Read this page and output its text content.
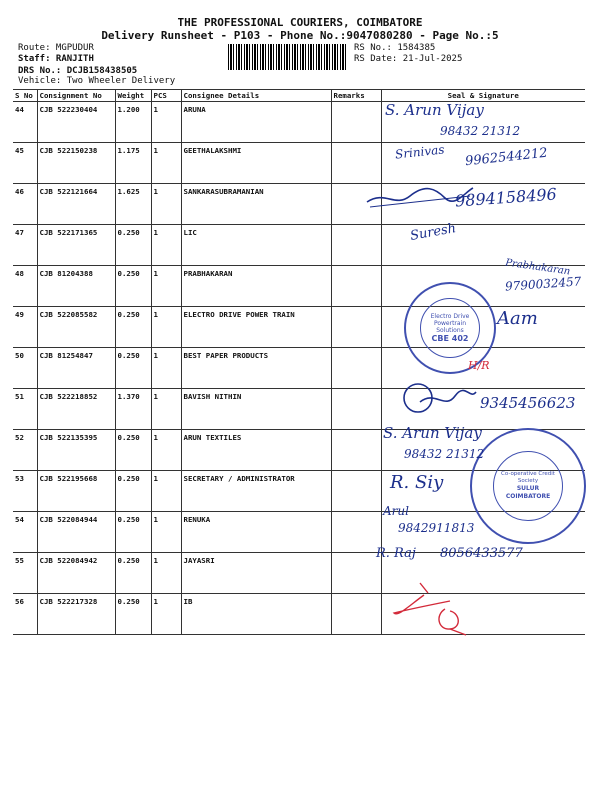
THE PROFESSIONAL COURIERS, COIMBATORE
Delivery Runsheet - P103 - Phone No.:9047080280 - Page No.:5
Route: MGPUDUR
Staff: RANJITH
DRS No.: DCJB158438505
Vehicle: Two Wheeler Delivery
RS No.: 1584385
RS Date: 21-Jul-2025
S No	Consignment No	Weight	PCS	Consignee Details	Remarks	Seal & Signature
44	CJB 522230404	1.200	1	ARUNA		
45	CJB 522150238	1.175	1	GEETHALAKSHMI		
46	CJB 522121664	1.625	1	SANKARASUBRAMANIAN		
47	CJB 522171365	0.250	1	LIC		
48	CJB 81204388	0.250	1	PRABHAKARAN		
49	CJB 522085582	0.250	1	ELECTRO DRIVE POWER TRAIN		
50	CJB 81254847	0.250	1	BEST PAPER PRODUCTS		
51	CJB 522218852	1.370	1	BAVISH NITHIN		
52	CJB 522135395	0.250	1	ARUN TEXTILES		
53	CJB 522195668	0.250	1	SECRETARY / ADMINISTRATOR		
54	CJB 522084944	0.250	1	RENUKA		
55	CJB 522084942	0.250	1	JAYASRI		
56	CJB 522217328	0.250	1	IB		
Electro Drive Powertrain Solutions
CBE 402
Co-operative Credit Society
SULUR COIMBATORE
S. Arun Vijay
98432 21312
Srinivas 9962544212
9894158496
Suresh
Prabhakaran
9790032457
Aam
H/R
9345456623
S. Arun Vijay
98432 21312
R. Siy
Arul
9842911813
R. Raj 8056433577
